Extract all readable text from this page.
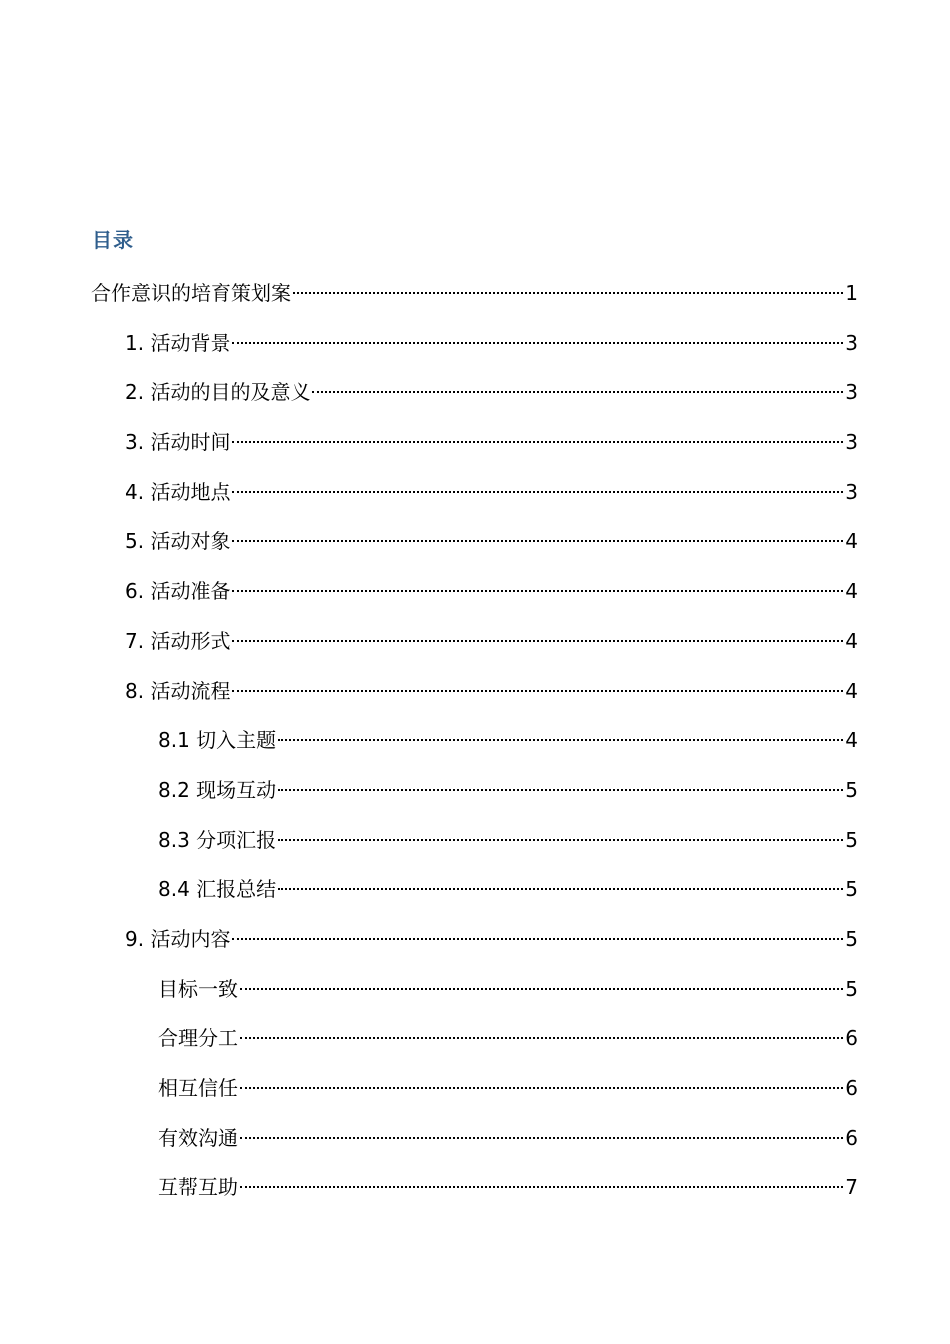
目录
合作意识的培育策划案	1
1. 活动背景	3
2. 活动的目的及意义	3
3. 活动时间	3
4. 活动地点	3
5. 活动对象	4
6. 活动准备	4
7. 活动形式	4
8. 活动流程	4
8.1 切入主题	4
8.2 现场互动	5
8.3 分项汇报	5
8.4 汇报总结	5
9. 活动内容	5
目标一致	5
合理分工	6
相互信任	6
有效沟通	6
互帮互助	7
